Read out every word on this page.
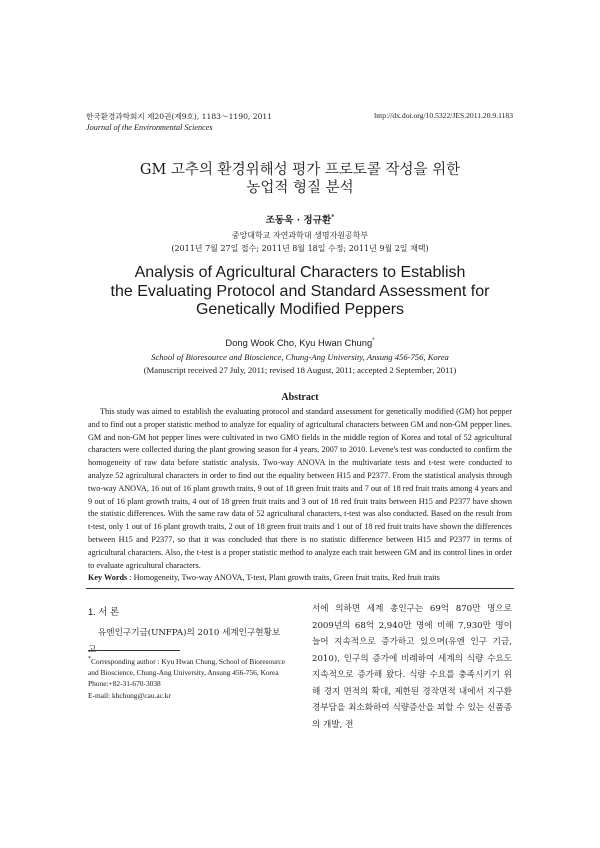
한국환경과학회지 제20권(제9호), 1183～1190, 2011
Journal of the Environmental Sciences
http://dx.doi.org/10.5322/JES.2011.20.9.1183
GM 고추의 환경위해성 평가 프로토콜 작성을 위한
농업적 형질 분석
조동욱 · 정규환*
중앙대학교 자연과학대 생명자원공학부
(2011년 7월 27일 접수; 2011년 8월 18일 수정; 2011년 9월 2일 채택)
Analysis of Agricultural Characters to Establish
the Evaluating Protocol and Standard Assessment for
Genetically Modified Peppers
Dong Wook Cho, Kyu Hwan Chung*
School of Bioresource and Bioscience, Chung-Ang University, Ansung 456-756, Korea
(Manuscript received 27 July, 2011; revised 18 August, 2011; accepted 2 September, 2011)
Abstract

This study was aimed to establish the evaluating protocol and standard assessment for genetically modified (GM) hot pepper and to find out a proper statistic method to analyze for equality of agricultural characters between GM and non-GM pepper lines. GM and non-GM hot pepper lines were cultivated in two GMO fields in the middle region of Korea and total of 52 agricultural characters were collected during the plant growing season for 4 years, 2007 to 2010. Levene's test was conducted to confirm the homogeneity of raw data before statistic analysis. Two-way ANOVA in the multivariate tests and t-test were conducted to analyze 52 agricultural characters in order to find out the equality between H15 and P2377. From the statistical analysis through two-way ANOVA, 16 out of 16 plant growth traits, 9 out of 18 green fruit traits and 7 out of 18 red fruit traits among 4 years and 9 out of 16 plant growth traits, 4 out of 18 green fruit traits and 3 out of 18 red fruit traits between H15 and P2377 have shown the statistic differences. With the same raw data of 52 agricultural characters, t-test was also conducted. Based on the result from t-test, only 1 out of 16 plant growth traits, 2 out of 18 green fruit traits and 1 out of 18 red fruit traits have shown the differences between H15 and P2377, so that it was concluded that there is no statistic difference between H15 and P2377 in terms of agricultural characters. Also, the t-test is a proper statistic method to analyze each trait between GM and its control lines in order to evaluate agricultural characters.

Key Words : Homogeneity, Two-way ANOVA, T-test, Plant growth traits, Green fruit traits, Red fruit traits
1. 서 론
유엔인구기금(UNFPA)의 2010 세계인구현황보고
*Corresponding author : Kyu Hwan Chung, School of Bioresource and Bioscience, Chung-Ang University, Ansung 456-756, Korea
Phone:+82-31-670-3038
E-mail: khchung@cau.ac.kr
서에 의하면 세계 총인구는 69억 870만 명으로 2009년의 68억 2,940만 명에 비해 7,930만 명이 늘어 지속적으로 증가하고 있으며(유엔 인구 기금, 2010), 인구의 증가에 비례하여 세계의 식량 수요도 지속적으로 증가해 왔다. 식량 수요를 충족시키기 위해 경지 면적의 확대, 제한된 경작면적 내에서 지구환경부담을 최소화하여 식량증산을 꾀할 수 있는 신품종의 개발, 전
